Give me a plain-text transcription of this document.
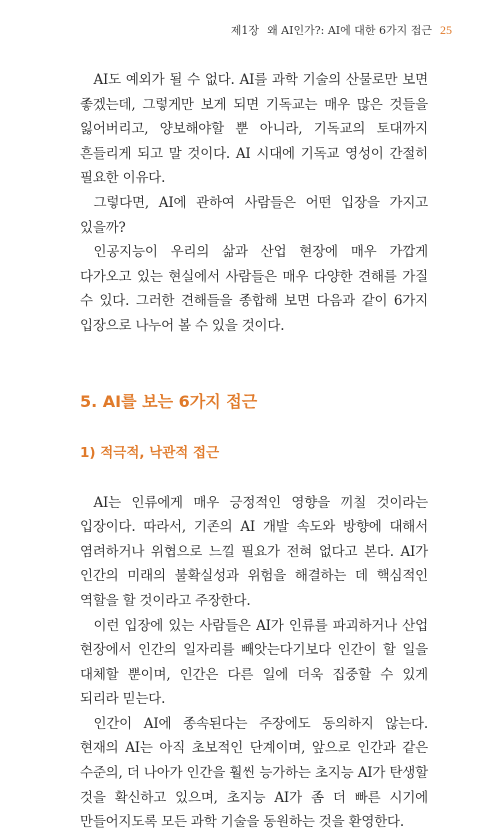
제1장 왜 AI인가?: AI에 대한 6가지 접근 25

AI도 예외가 될 수 없다. AI를 과학 기술의 산물로만 보면 좋겠는데, 그렇게만 보게 되면 기독교는 매우 많은 것들을 잃어버리고, 양보해야할 뿐 아니라, 기독교의 토대까지 흔들리게 되고 말 것이다. AI 시대에 기독교 영성이 간절히 필요한 이유다.

그렇다면, AI에 관하여 사람들은 어떤 입장을 가지고 있을까?

인공지능이 우리의 삶과 산업 현장에 매우 가깝게 다가오고 있는 현실에서 사람들은 매우 다양한 견해를 가질 수 있다. 그러한 견해들을 종합해 보면 다음과 같이 6가지 입장으로 나누어 볼 수 있을 것이다.

5. AI를 보는 6가지 접근
1) 적극적, 낙관적 접근

AI는 인류에게 매우 긍정적인 영향을 끼칠 것이라는 입장이다. 따라서, 기존의 AI 개발 속도와 방향에 대해서 염려하거나 위협으로 느낄 필요가 전혀 없다고 본다. AI가 인간의 미래의 불확실성과 위험을 해결하는 데 핵심적인 역할을 할 것이라고 주장한다.

이런 입장에 있는 사람들은 AI가 인류를 파괴하거나 산업 현장에서 인간의 일자리를 빼앗는다기보다 인간이 할 일을 대체할 뿐이며, 인간은 다른 일에 더욱 집중할 수 있게 되리라 믿는다.

인간이 AI에 종속된다는 주장에도 동의하지 않는다. 현재의 AI는 아직 초보적인 단계이며, 앞으로 인간과 같은 수준의, 더 나아가 인간을 훨씬 능가하는 초지능 AI가 탄생할 것을 확신하고 있으며, 초지능 AI가 좀 더 빠른 시기에 만들어지도록 모든 과학 기술을 동원하는 것을 환영한다.
